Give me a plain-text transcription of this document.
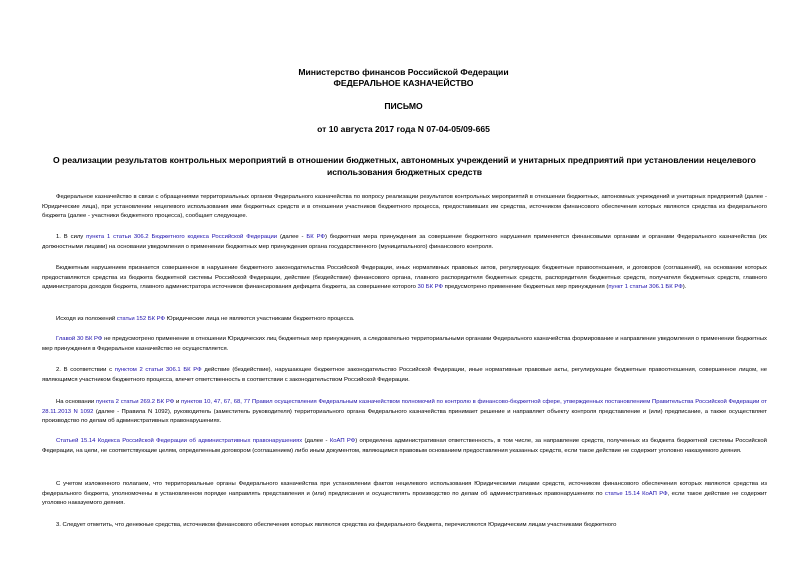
Министерство финансов Российской Федерации
ФЕДЕРАЛЬНОЕ КАЗНАЧЕЙСТВО
ПИСЬМО
от 10 августа 2017 года N 07-04-05/09-665
О реализации результатов контрольных мероприятий в отношении бюджетных, автономных учреждений и унитарных предприятий при установлении нецелевого использования бюджетных средств

Федеральное казначейство в связи с обращениями территориальных органов Федерального казначейства по вопросу реализации результатов контрольных мероприятий в отношении бюджетных, автономных учреждений и унитарных предприятий (далее - Юридические лица), при установлении нецелевого использования ими бюджетных средств и в отношении участников бюджетного процесса, предоставивших им средства, источником финансового обеспечения которых являются средства из федерального бюджета (далее - участники бюджетного процесса), сообщает следующее.

1. В силу пункта 1 статьи 306.2 Бюджетного кодекса Российской Федерации (далее - БК РФ) бюджетная мера принуждения за совершение бюджетного нарушения применяется финансовыми органами и органами Федерального казначейства (их должностными лицами) на основании уведомления о применении бюджетных мер принуждения органа государственного (муниципального) финансового контроля.

Бюджетным нарушением признается совершенное в нарушение бюджетного законодательства Российской Федерации, иных нормативных правовых актов, регулирующих бюджетные правоотношения, и договоров (соглашений), на основании которых предоставляются средства из бюджета бюджетной системы Российской Федерации, действие (бездействие) финансового органа, главного распорядителя бюджетных средств, распорядителя бюджетных средств, получателя бюджетных средств, главного администратора доходов бюджета, главного администратора источников финансирования дефицита бюджета, за совершение которого 30 БК РФ предусмотрено применение бюджетных мер принуждения (пункт 1 статьи 306.1 БК РФ).

Исходя из положений статьи 152 БК РФ Юридические лица не являются участниками бюджетного процесса.

Главой 30 БК РФ не предусмотрено применение в отношении Юридических лиц бюджетных мер принуждения, а следовательно территориальными органами Федерального казначейства формирование и направление уведомления о применении бюджетных мер принуждения в Федеральное казначейство не осуществляется.

2. В соответствии с пунктом 2 статьи 306.1 БК РФ действие (бездействие), нарушающее бюджетное законодательство Российской Федерации, иные нормативные правовые акты, регулирующие бюджетные правоотношения, совершенное лицом, не являющимся участником бюджетного процесса, влечет ответственность в соответствии с законодательством Российской Федерации.

На основании пункта 2 статьи 269.2 БК РФ и пунктов 10, 47, 67, 68, 77 Правил осуществления Федеральным казначейством полномочий по контролю в финансово-бюджетной сфере, утвержденных постановлением Правительства Российской Федерации от 28.11.2013 N 1092 (далее - Правила N 1092), руководитель (заместитель руководителя) территориального органа Федерального казначейства принимает решение и направляет объекту контроля представление и (или) предписание, а также осуществляет производство по делам об административных правонарушениях.

Статьей 15.14 Кодекса Российской Федерации об административных правонарушениях (далее - КоАП РФ) определена административная ответственность, в том числе, за направление средств, полученных из бюджета бюджетной системы Российской Федерации, на цели, не соответствующие целям, определенным договором (соглашением) либо иным документом, являющимся правовым основанием предоставления указанных средств, если такое действие не содержит уголовно наказуемого деяния.

С учетом изложенного полагаем, что территориальные органы Федерального казначейства при установлении фактов нецелевого использования Юридическими лицами средств, источником финансового обеспечения которых являются средства из федерального бюджета, уполномочены в установленном порядке направлять представления и (или) предписания и осуществлять производство по делам об административных правонарушениях по статье 15.14 КоАП РФ, если такое действие не содержит уголовно наказуемого деяния.

3. Следует отметить, что денежные средства, источником финансового обеспечения которых являются средства из федерального бюджета, перечисляются Юридическим лицам участниками бюджетного
